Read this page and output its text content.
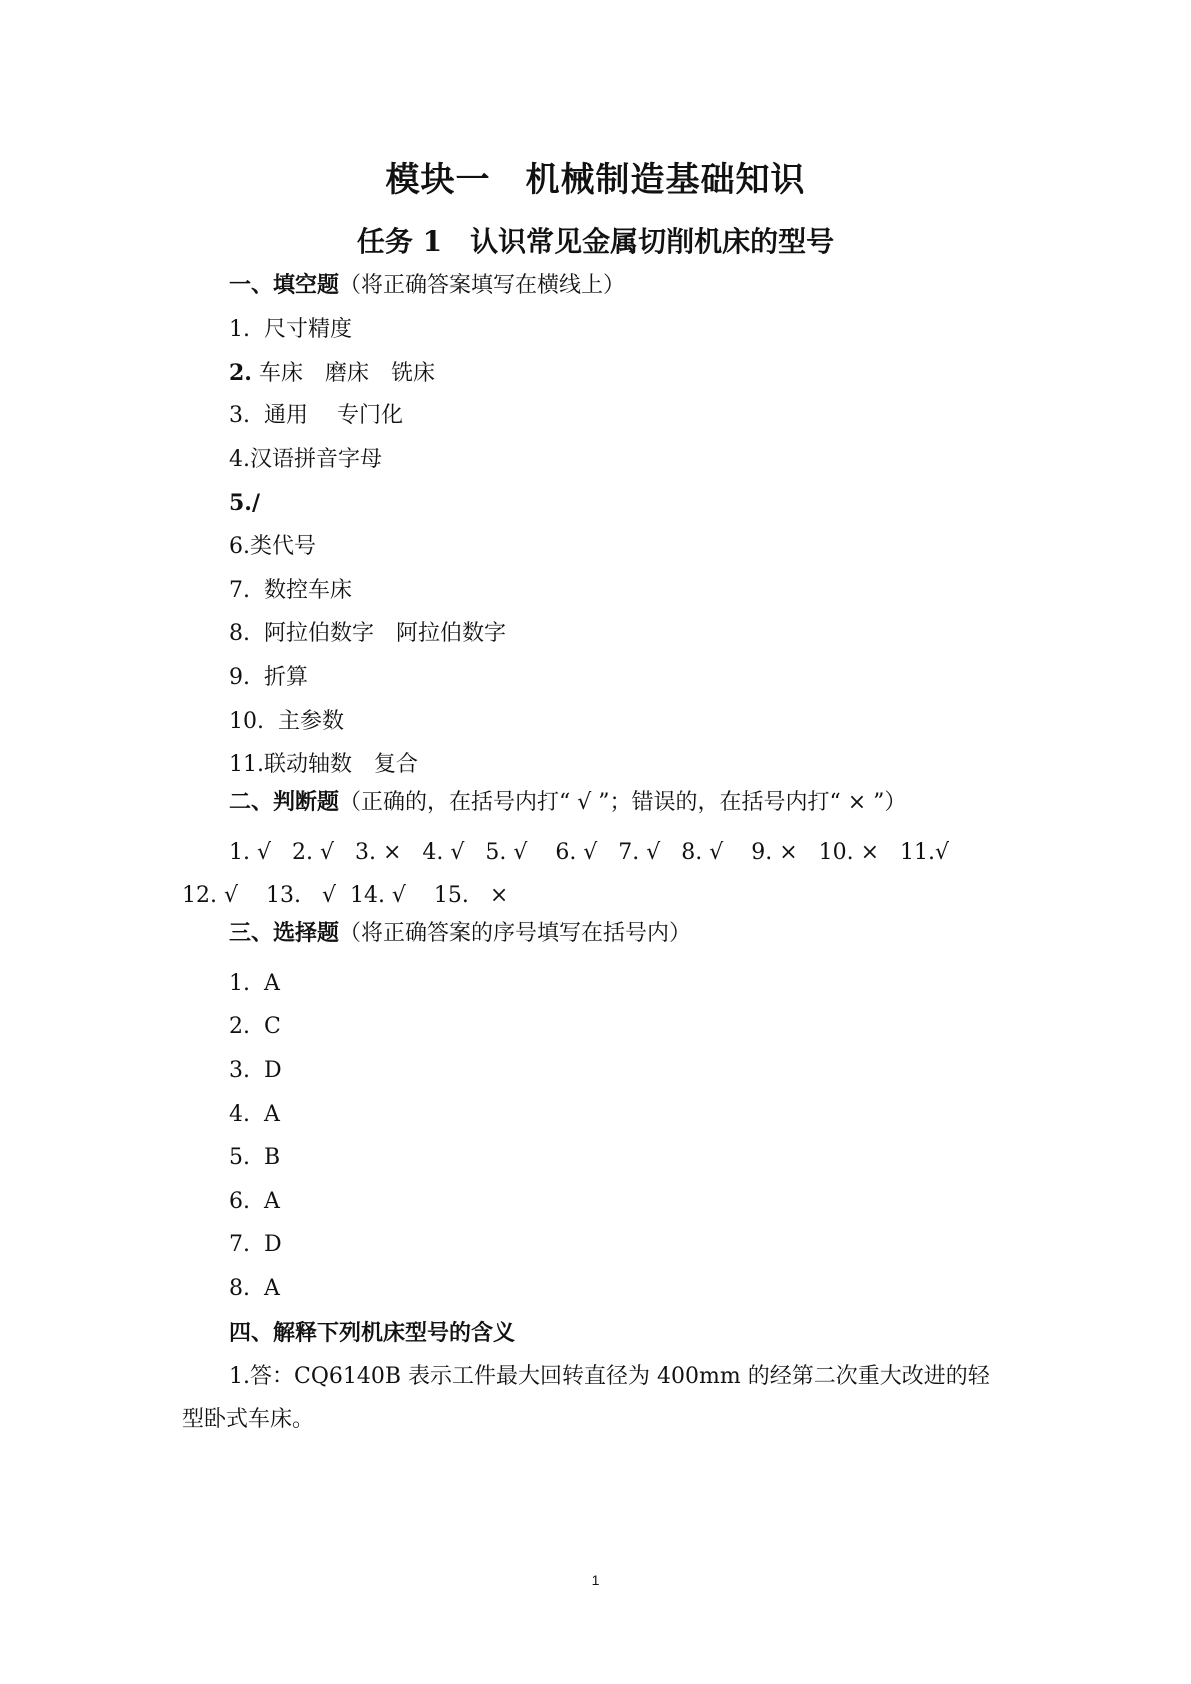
模块一　机械制造基础知识
任务 1　认识常见金属切削机床的型号
一、填空题（将正确答案填写在横线上）
1.  尺寸精度
2. 车床　磨床　铣床
3.  通用　 专门化
4.汉语拼音字母
5./
6.类代号
7.  数控车床
8.  阿拉伯数字　阿拉伯数字
9.  折算
10.  主参数
11.联动轴数　复合
二、判断题（正确的，在括号内打“ √ ”；错误的，在括号内打“ × ”）
1. √   2. √   3. ×   4. √   5. √    6. √   7. √   8. √    9. ×   10. ×   11.√
12. √    13.   √  14. √    15.   ×
三、选择题（将正确答案的序号填写在括号内）
1.  A
2.  C
3.  D
4.  A
5.  B
6.  A
7.  D
8.  A
四、解释下列机床型号的含义
1.答：CQ6140B 表示工件最大回转直径为 400mm 的经第二次重大改进的轻
型卧式车床。
1
